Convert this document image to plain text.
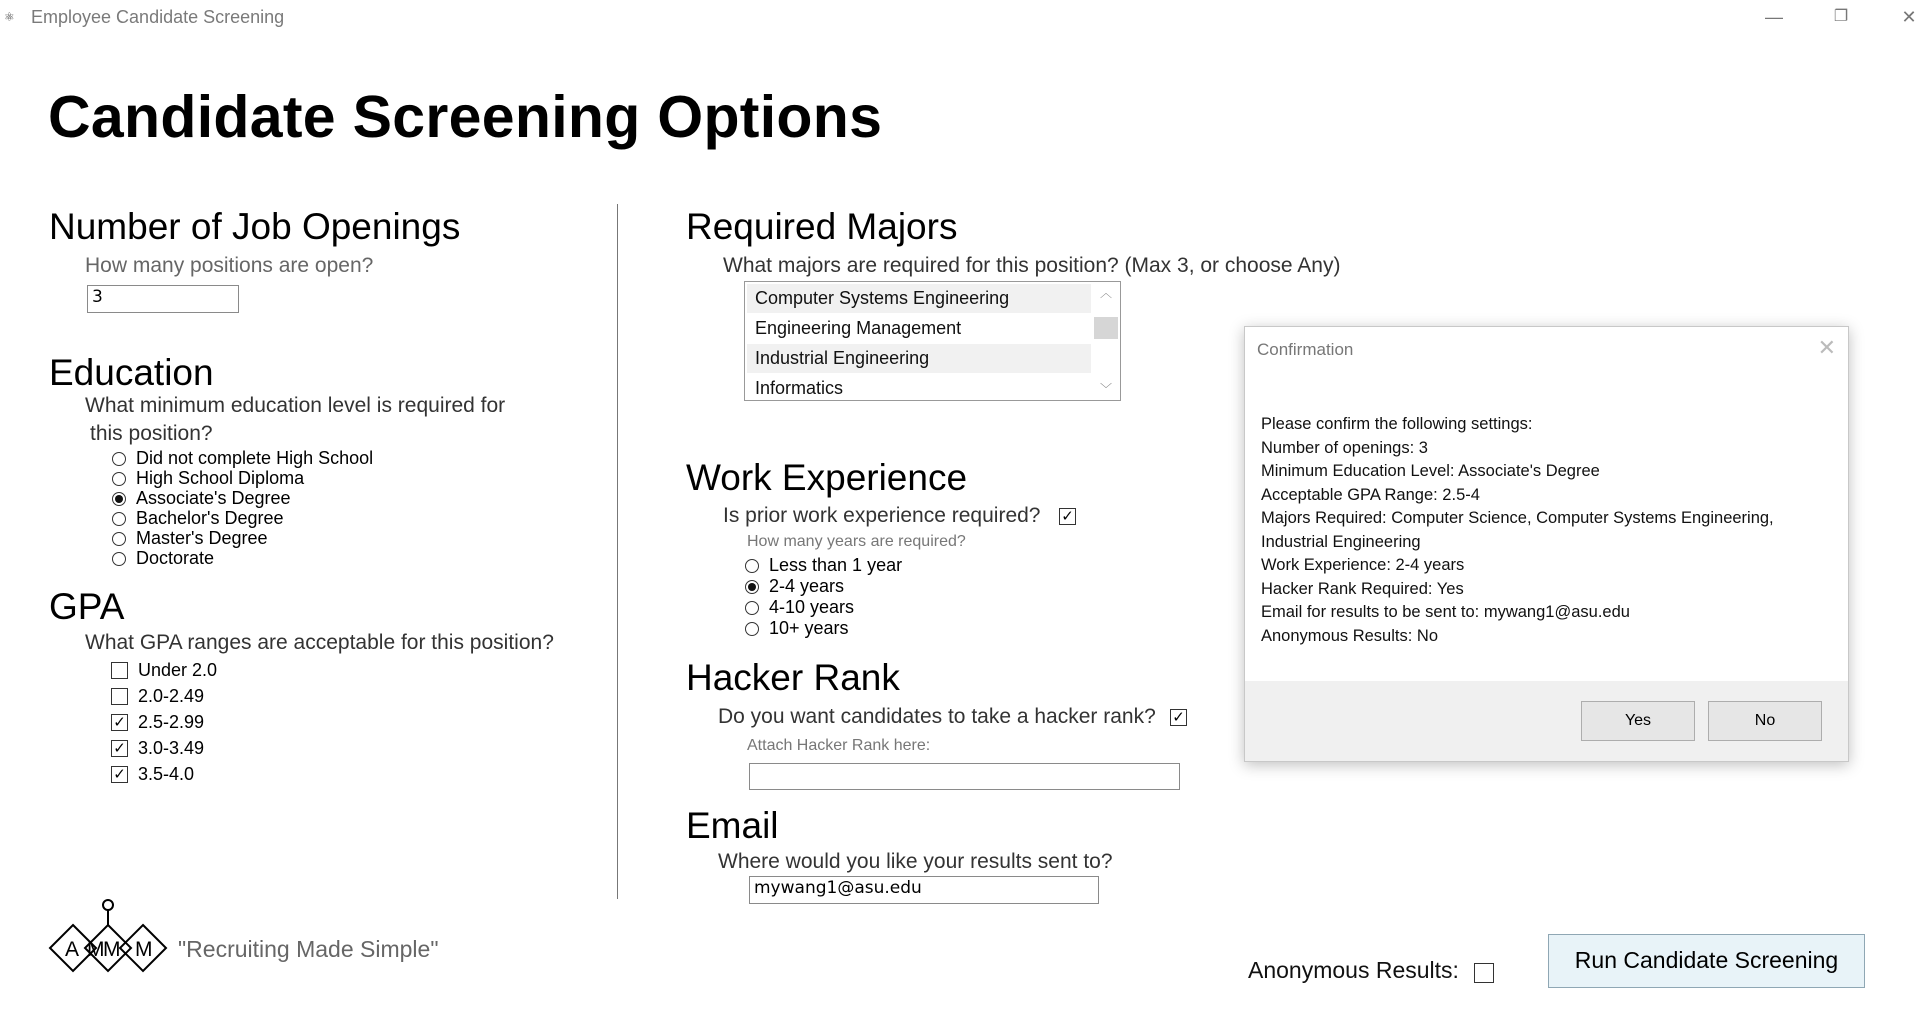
⚛ Employee Candidate Screening	—	❐	✕
Candidate Screening Options
Number of Job Openings
How many positions are open?
3
Education
What minimum education level is required for
this position?
Did not complete High School
High School Diploma
Associate's Degree
Bachelor's Degree
Master's Degree
Doctorate
GPA
What GPA ranges are acceptable for this position?
Under 2.0
2.0-2.49
✓ 2.5-2.99
✓ 3.0-3.49
✓ 3.5-4.0
A M
M M "Recruiting Made Simple"
Required Majors
What majors are required for this position? (Max 3, or choose Any)
Computer Systems Engineering
Engineering Management
Industrial Engineering
Informatics
︿
﹀
Work Experience
Is prior work experience required? ✓
How many years are required?
Less than 1 year
2-4 years
4-10 years
10+ years
Hacker Rank
Do you want candidates to take a hacker rank? ✓
Attach Hacker Rank here:
Email
Where would you like your results sent to?
mywang1@asu.edu
Anonymous Results:	Run Candidate Screening
Confirmation	✕
Please confirm the following settings:
Number of openings: 3
Minimum Education Level: Associate's Degree
Acceptable GPA Range: 2.5-4
Majors Required: Computer Science, Computer Systems Engineering,
Industrial Engineering
Work Experience: 2-4 years
Hacker Rank Required: Yes
Email for results to be sent to: mywang1@asu.edu
Anonymous Results: No
Yes	No
